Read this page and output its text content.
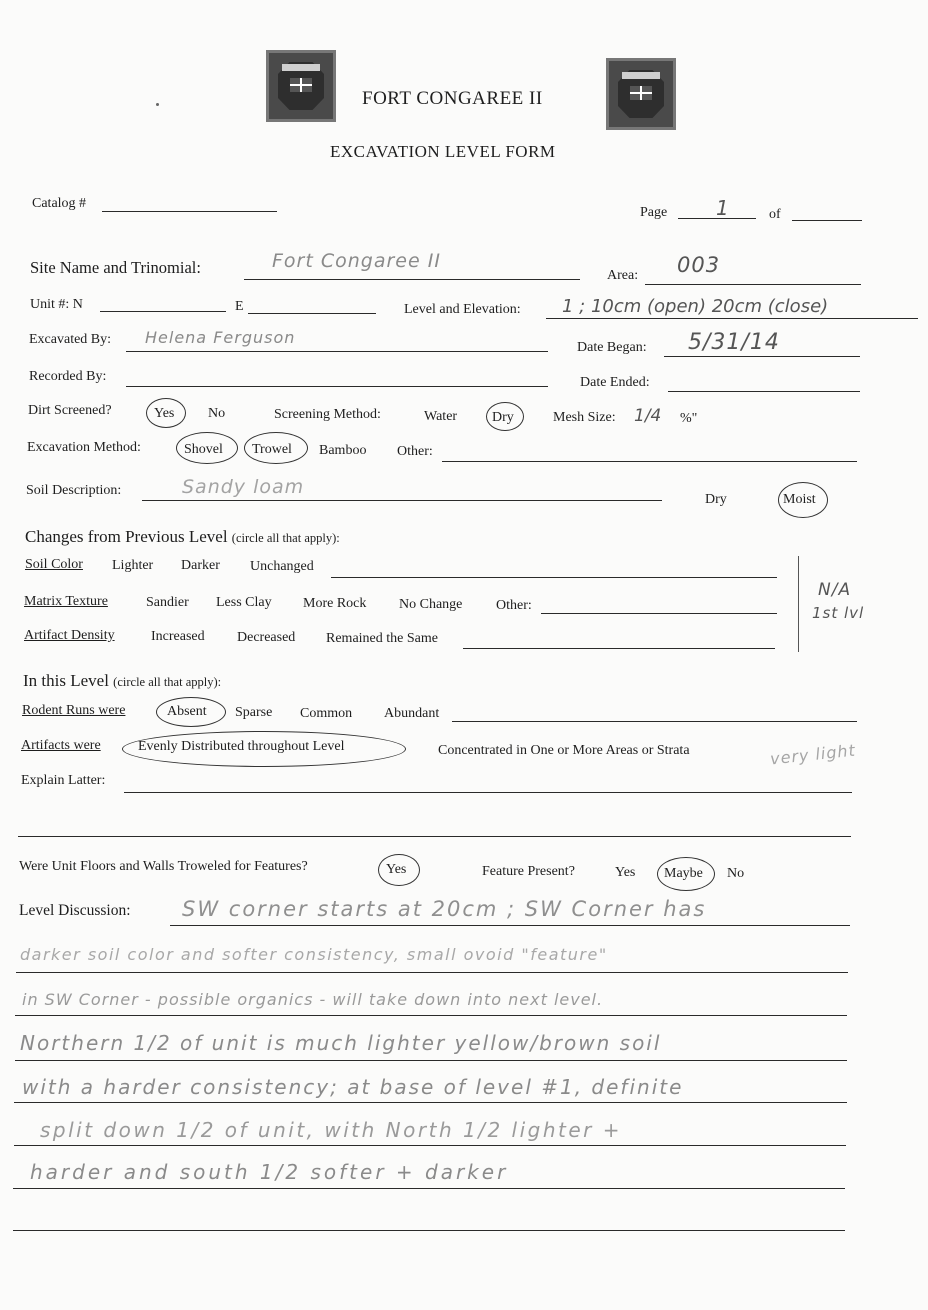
FORT CONGAREE II
EXCAVATION LEVEL FORM
Catalog #
Page 1	of
Site Name and Trinomial:	Fort Congaree II
Area: 003
Unit #: N	E	Level and Elevation: 1 ; 10cm (open) 20cm (close)
Excavated By: Helena Ferguson
Date Began: 5/31/14
Recorded By:	Date Ended:
Dirt Screened?	Yes No	Screening Method:	Water Dry	Mesh Size: 1/4 %"
Excavation Method:	Shovel Trowel Bamboo Other:
Soil Description:	Sandy loam
Dry	Moist
Changes from Previous Level (circle all that apply):
Soil Color Lighter Darker Unchanged
Matrix Texture	Sandier Less Clay More Rock No Change Other:
Artifact Density	Increased Decreased Remained the Same
N/A
1st lvl
In this Level (circle all that apply):
Rodent Runs were	Absent Sparse Common Abundant
Artifacts were	Evenly Distributed throughout Level	Concentrated in One or More Areas or Strata	very light
Explain Latter:
Were Unit Floors and Walls Troweled for Features?	Yes	Feature Present?	Yes Maybe No
Level Discussion: SW corner starts at 20cm ; SW Corner has
darker soil color and softer consistency, small ovoid "feature"
in SW Corner - possible organics - will take down into next level.
Northern 1/2 of unit is much lighter yellow/brown soil
with a harder consistency; at base of level #1, definite
split down 1/2 of unit, with North 1/2 lighter +
harder and south 1/2 softer + darker
